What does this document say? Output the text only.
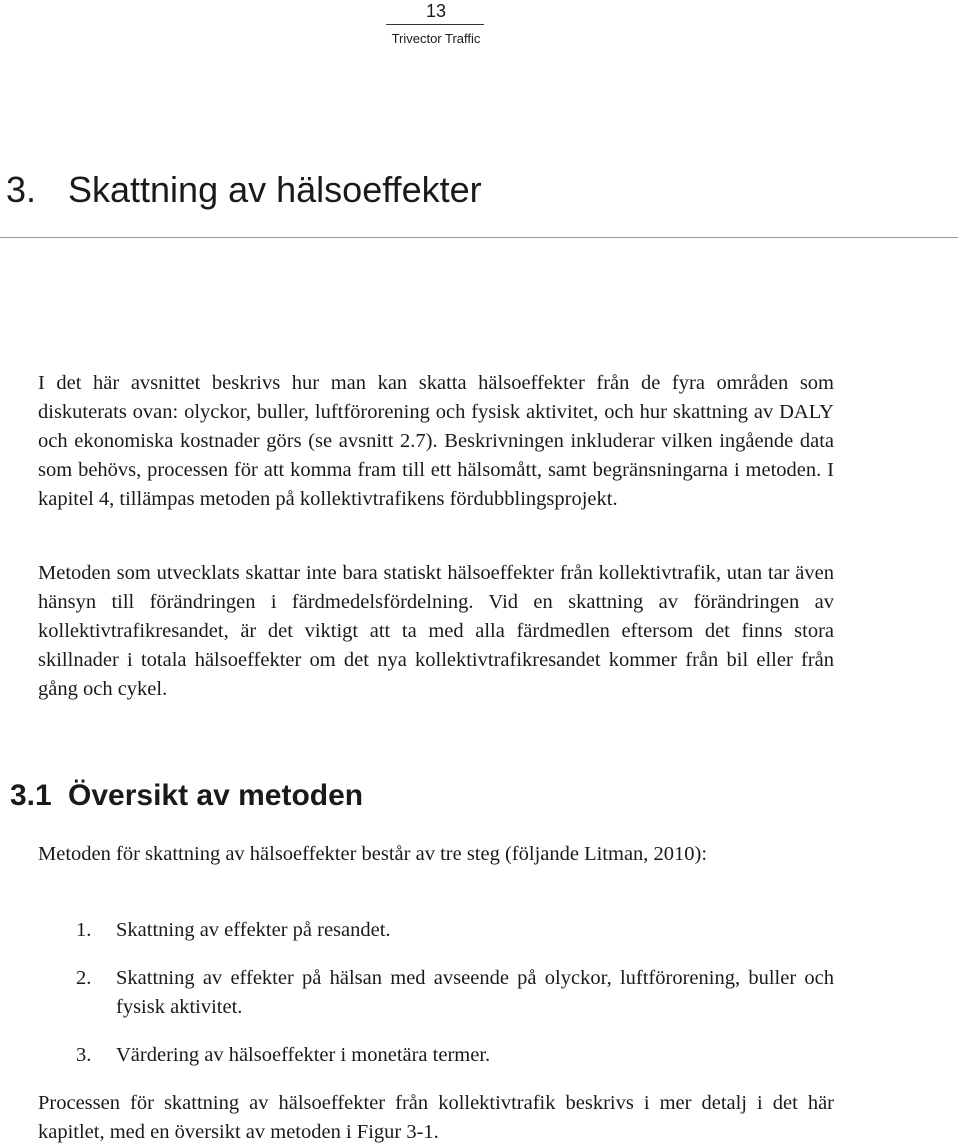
13
Trivector Traffic
3. Skattning av hälsoeffekter

I det här avsnittet beskrivs hur man kan skatta hälsoeffekter från de fyra områden som diskuterats ovan: olyckor, buller, luftförorening och fysisk aktivitet, och hur skattning av DALY och ekonomiska kostnader görs (se avsnitt 2.7). Beskrivningen inkluderar vilken ingående data som behövs, processen för att komma fram till ett hälsomått, samt begränsningarna i metoden. I kapitel 4, tillämpas metoden på kollektivtrafikens fördubblingsprojekt.

Metoden som utvecklats skattar inte bara statiskt hälsoeffekter från kollektivtrafik, utan tar även hänsyn till förändringen i färdmedelsfördelning. Vid en skattning av förändringen av kollektivtrafikresandet, är det viktigt att ta med alla färdmedlen eftersom det finns stora skillnader i totala hälsoeffekter om det nya kollektivtrafikresandet kommer från bil eller från gång och cykel.

3.1 Översikt av metoden

Metoden för skattning av hälsoeffekter består av tre steg (följande Litman, 2010):

1. Skattning av effekter på resandet.
2. Skattning av effekter på hälsan med avseende på olyckor, luftförorening, buller och fysisk aktivitet.
3. Värdering av hälsoeffekter i monetära termer.

Processen för skattning av hälsoeffekter från kollektivtrafik beskrivs i mer detalj i det här kapitlet, med en översikt av metoden i Figur 3-1.
